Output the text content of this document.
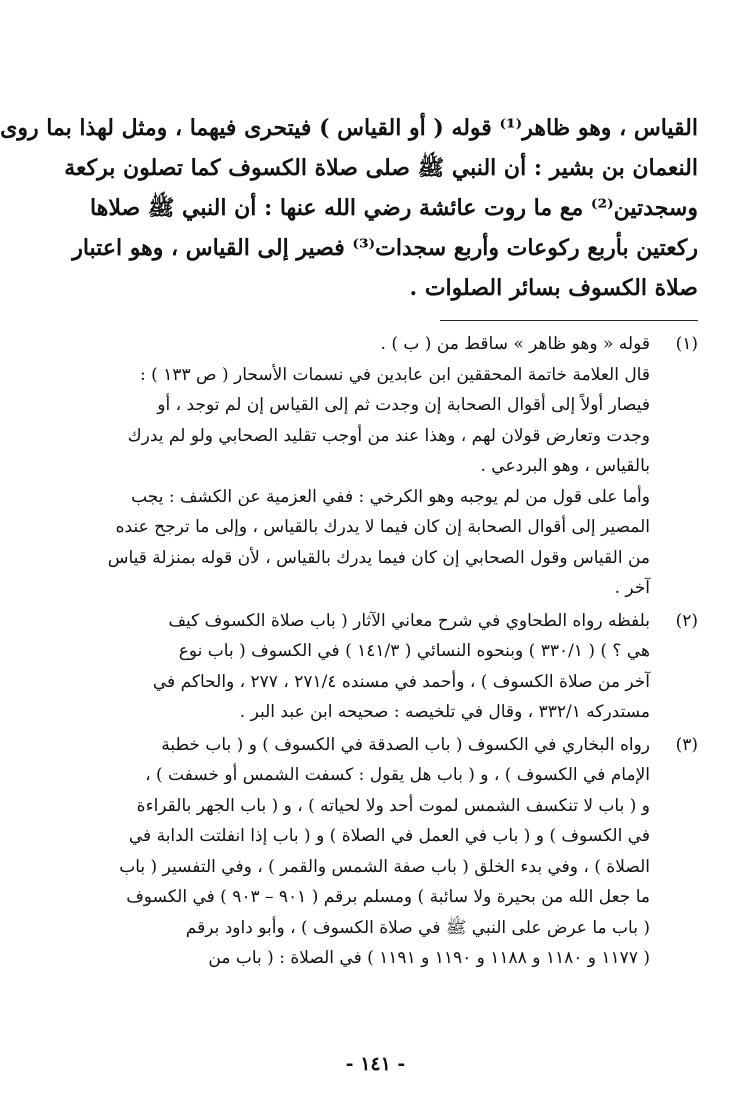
القياس ، وهو ظاهر⁽¹⁾ قوله ( أو القياس ) فيتحرى فيهما ، ومثل لهذا بما روى
النعمان بن بشير : أن النبي ﷺ صلى صلاة الكسوف كما تصلون بركعة
وسجدتين⁽²⁾ مع ما روت عائشة رضي الله عنها : أن النبي ﷺ صلاها
ركعتين بأربع ركوعات وأربع سجدات⁽³⁾ فصير إلى القياس ، وهو اعتبار
صلاة الكسوف بسائر الصلوات .
(١)
قوله « وهو ظاهر » ساقط من ( ب ) .
قال العلامة خاتمة المحققين ابن عابدين في نسمات الأسحار ( ص ١٣٣ ) :
فيصار أولاً إلى أقوال الصحابة إن وجدت ثم إلى القياس إن لم توجد ، أو
وجدت وتعارض قولان لهم ، وهذا عند من أوجب تقليد الصحابي ولو لم يدرك
بالقياس ، وهو البردعي .
وأما على قول من لم يوجبه وهو الكرخي : ففي العزمية عن الكشف : يجب
المصير إلى أقوال الصحابة إن كان فيما لا يدرك بالقياس ، وإلى ما ترجح عنده
من القياس وقول الصحابي إن كان فيما يدرك بالقياس ، لأن قوله بمنزلة قياس
آخر .
(٢)
بلفظه رواه الطحاوي في شرح معاني الآثار ( باب صلاة الكسوف كيف
هي ؟ ) ( ٣٣٠/١ ) وبنحوه النسائي ( ١٤١/٣ ) في الكسوف ( باب نوع
آخر من صلاة الكسوف ) ، وأحمد في مسنده ٢٧١/٤ ، ٢٧٧ ، والحاكم في
مستدركه ٣٣٢/١ ، وقال في تلخيصه : صحيحه ابن عبد البر .
(٣)
رواه البخاري في الكسوف ( باب الصدقة في الكسوف ) و ( باب خطبة
الإمام في الكسوف ) ، و ( باب هل يقول : كسفت الشمس أو خسفت ) ،
و ( باب لا تنكسف الشمس لموت أحد ولا لحياته ) ، و ( باب الجهر بالقراءة
في الكسوف ) و ( باب في العمل في الصلاة ) و ( باب إذا انفلتت الدابة في
الصلاة ) ، وفي بدء الخلق ( باب صفة الشمس والقمر ) ، وفي التفسير ( باب
ما جعل الله من بحيرة ولا سائبة ) ومسلم برقم ( ٩٠١ – ٩٠٣ ) في الكسوف
( باب ما عرض على النبي ﷺ في صلاة الكسوف ) ، وأبو داود برقم
( ١١٧٧ و ١١٨٠ و ١١٨٨ و ١١٩٠ و ١١٩١ ) في الصلاة : ( باب من
- ١٤١ -
